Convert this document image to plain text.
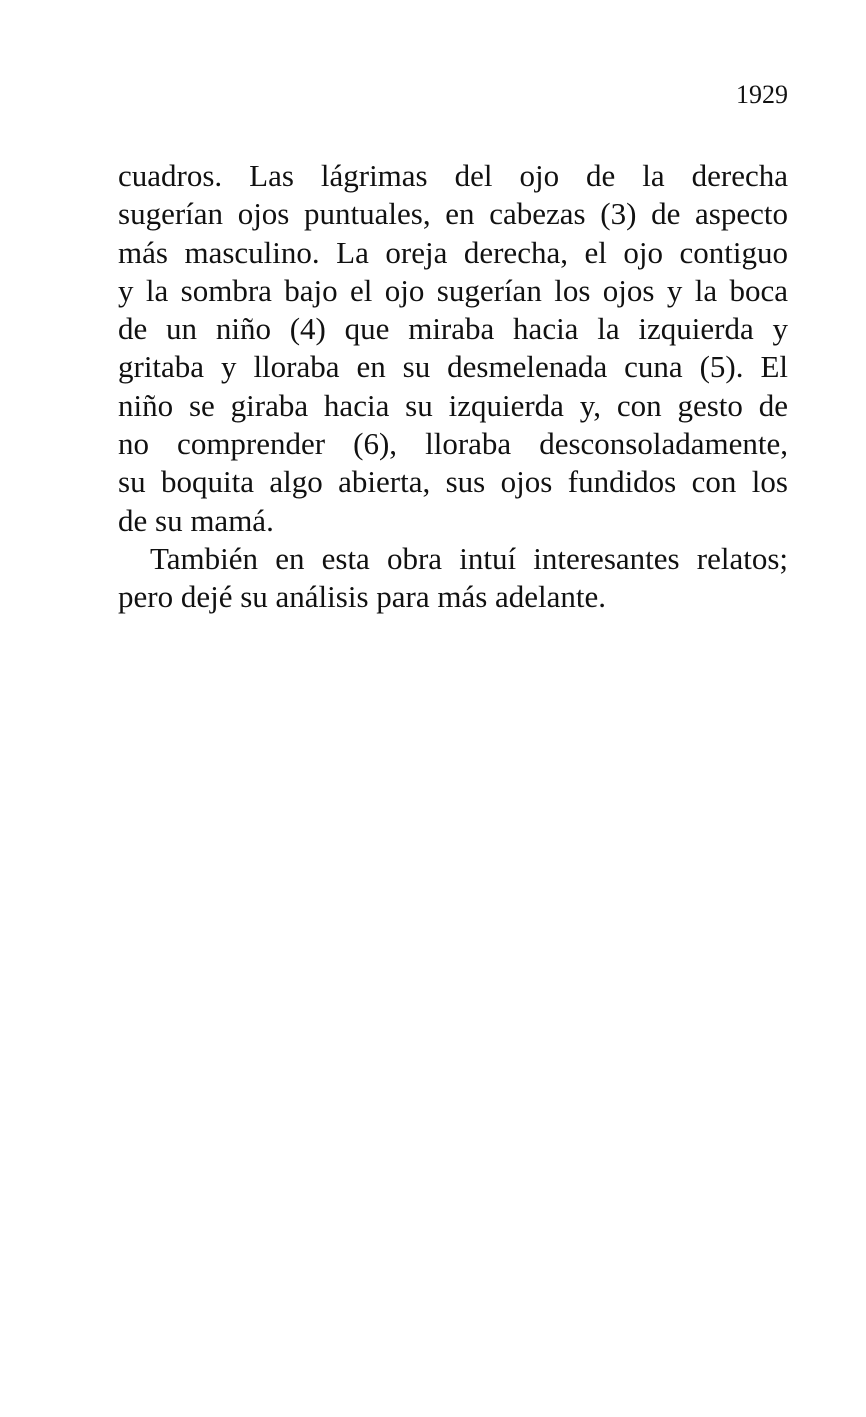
1929
cuadros. Las lágrimas del ojo de la derecha
sugerían ojos puntuales, en cabezas (3) de aspecto
más masculino. La oreja derecha, el ojo contiguo
y la sombra bajo el ojo sugerían los ojos y la boca
de un niño (4) que miraba hacia la izquierda y
gritaba y lloraba en su desmelenada cuna (5). El
niño se giraba hacia su izquierda y, con gesto de
no comprender (6), lloraba desconsoladamente,
su boquita algo abierta, sus ojos fundidos con los
de su mamá.
También en esta obra intuí interesantes relatos;
pero dejé su análisis para más adelante.
